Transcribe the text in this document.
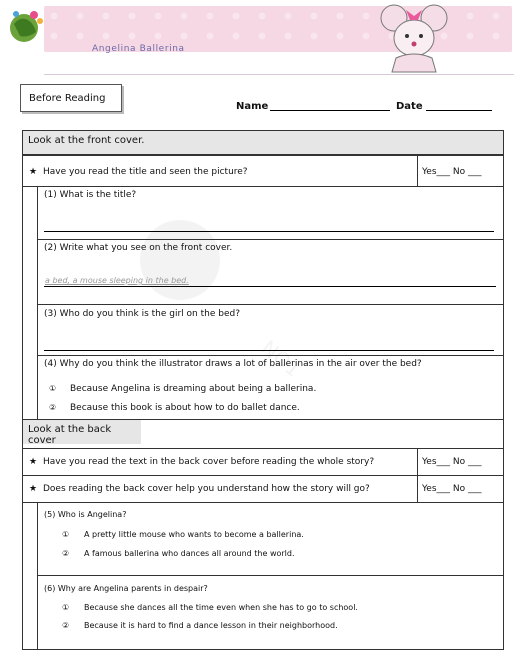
Angelina Ballerina
Before Reading
Name	Date
NO1
Look at the front cover.
★ Have you read the title and seen the picture?	Yes___ No ___
(1) What is the title?
(2) Write what you see on the front cover.
a bed, a mouse sleeping in the bed.
(3) Who do you think is the girl on the bed?
(4) Why do you think the illustrator draws a lot of ballerinas in the air over the bed?
① Because Angelina is dreaming about being a ballerina.
② Because this book is about how to do ballet dance.
Look at the back cover
★ Have you read the text in the back cover before reading the whole story?	Yes___ No ___
★ Does reading the back cover help you understand how the story will go?	Yes___ No ___
(5) Who is Angelina?
① A pretty little mouse who wants to become a ballerina.
② A famous ballerina who dances all around the world.
(6) Why are Angelina parents in despair?
① Because she dances all the time even when she has to go to school.
② Because it is hard to find a dance lesson in their neighborhood.
